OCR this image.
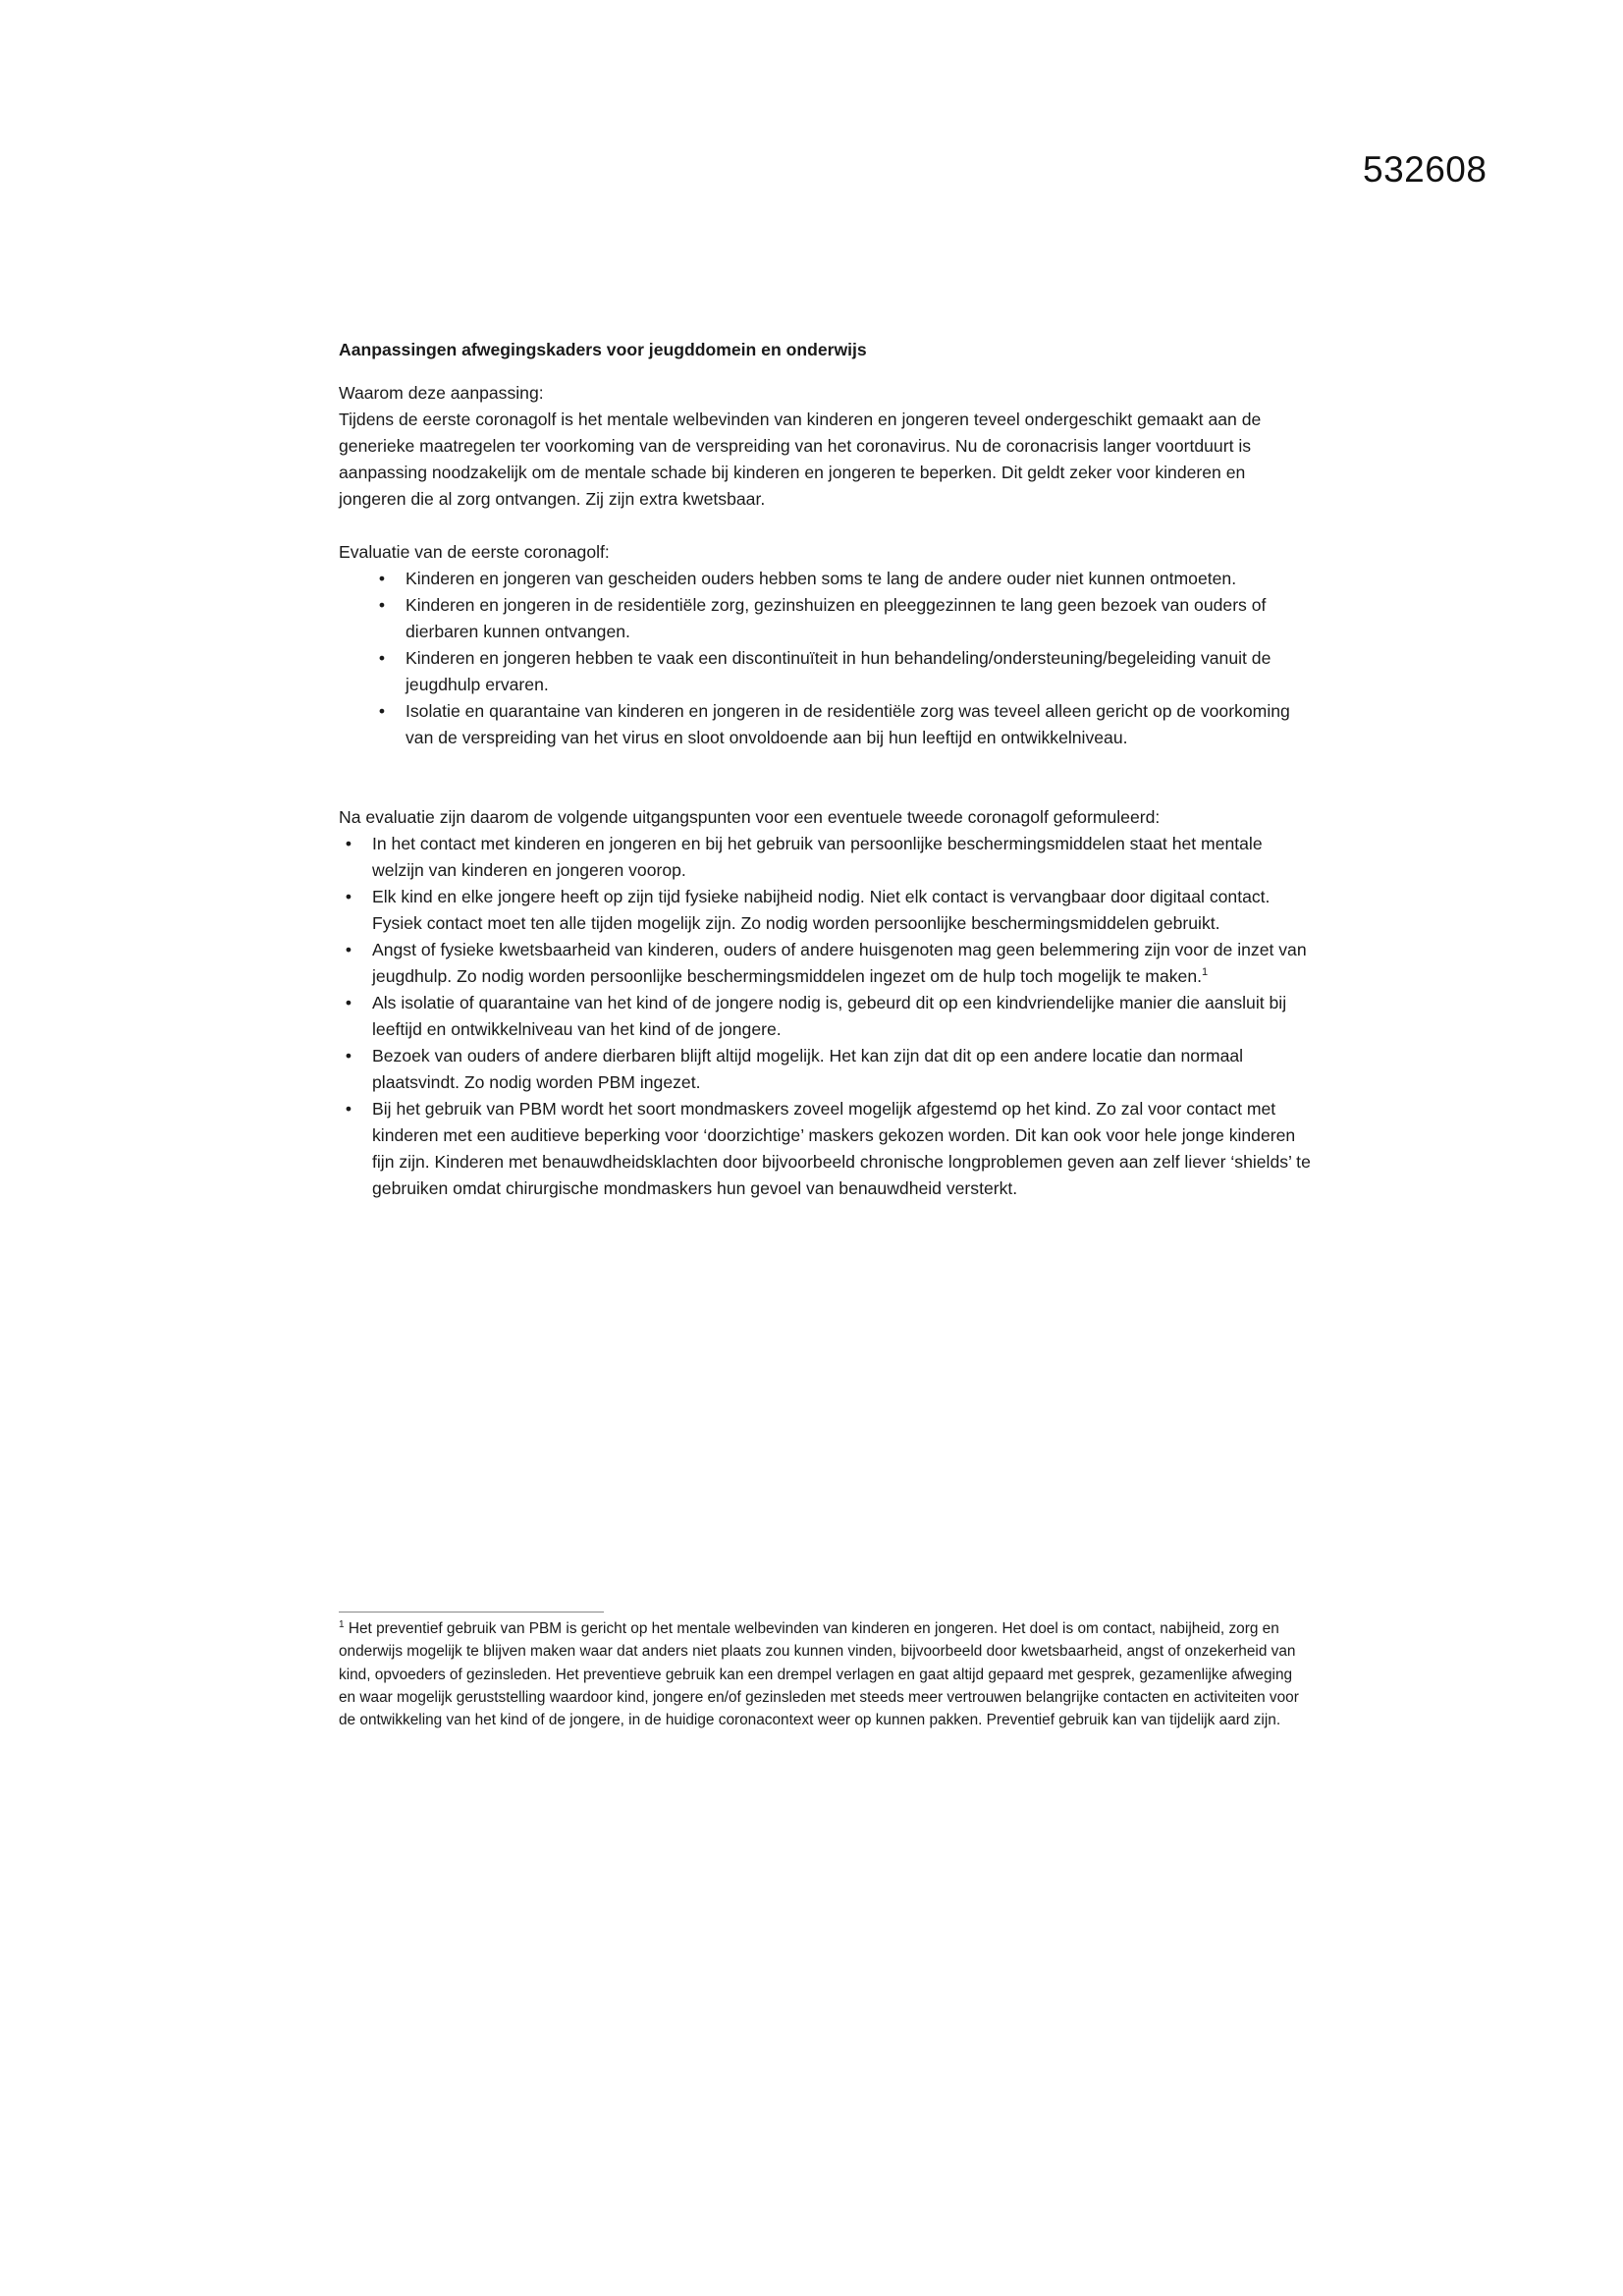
532608

Aanpassingen afwegingskaders voor jeugddomein en onderwijs

Waarom deze aanpassing:

Tijdens de eerste coronagolf is het mentale welbevinden van kinderen en jongeren teveel ondergeschikt gemaakt aan de generieke maatregelen ter voorkoming van de verspreiding van het coronavirus. Nu de coronacrisis langer voortduurt is aanpassing noodzakelijk om de mentale schade bij kinderen en jongeren te beperken. Dit geldt zeker voor kinderen en jongeren die al zorg ontvangen. Zij zijn extra kwetsbaar.

Evaluatie van de eerste coronagolf:

•	Kinderen en jongeren van gescheiden ouders hebben soms te lang de andere ouder niet kunnen ontmoeten.
•	Kinderen en jongeren in de residentiële zorg, gezinshuizen en pleeggezinnen te lang geen bezoek van ouders of dierbaren kunnen ontvangen.
•	Kinderen en jongeren hebben te vaak een discontinuïteit in hun behandeling/ondersteuning/begeleiding vanuit de jeugdhulp ervaren.
•	Isolatie en quarantaine van kinderen en jongeren in de residentiële zorg was teveel alleen gericht op de voorkoming van de verspreiding van het virus en sloot onvoldoende aan bij hun leeftijd en ontwikkelniveau.

Na evaluatie zijn daarom de volgende uitgangspunten voor een eventuele tweede coronagolf geformuleerd:

•	In het contact met kinderen en jongeren en bij het gebruik van persoonlijke beschermingsmiddelen staat het mentale welzijn van kinderen en jongeren voorop.
•	Elk kind en elke jongere heeft op zijn tijd fysieke nabijheid nodig. Niet elk contact is vervangbaar door digitaal contact. Fysiek contact moet ten alle tijden mogelijk zijn. Zo nodig worden persoonlijke beschermingsmiddelen gebruikt.
•	Angst of fysieke kwetsbaarheid van kinderen, ouders of andere huisgenoten mag geen belemmering zijn voor de inzet van jeugdhulp. Zo nodig worden persoonlijke beschermingsmiddelen ingezet om de hulp toch mogelijk te maken.$^1$
•	Als isolatie of quarantaine van het kind of de jongere nodig is, gebeurd dit op een kindvriendelijke manier die aansluit bij leeftijd en ontwikkelniveau van het kind of de jongere.
•	Bezoek van ouders of andere dierbaren blijft altijd mogelijk. Het kan zijn dat dit op een andere locatie dan normaal plaatsvindt. Zo nodig worden PBM ingezet.
•	Bij het gebruik van PBM wordt het soort mondmaskers zoveel mogelijk afgestemd op het kind. Zo zal voor contact met kinderen met een auditieve beperking voor ‘doorzichtige’ maskers gekozen worden. Dit kan ook voor hele jonge kinderen fijn zijn. Kinderen met benauwdheidsklachten door bijvoorbeeld chronische longproblemen geven aan zelf liever ‘shields’ te gebruiken omdat chirurgische mondmaskers hun gevoel van benauwdheid versterkt.
$^1$ Het preventief gebruik van PBM is gericht op het mentale welbevinden van kinderen en jongeren. Het doel is om contact, nabijheid, zorg en onderwijs mogelijk te blijven maken waar dat anders niet plaats zou kunnen vinden, bijvoorbeeld door kwetsbaarheid, angst of onzekerheid van kind, opvoeders of gezinsleden. Het preventieve gebruik kan een drempel verlagen en gaat altijd gepaard met gesprek, gezamenlijke afweging en waar mogelijk geruststelling waardoor kind, jongere en/of gezinsleden met steeds meer vertrouwen belangrijke contacten en activiteiten voor de ontwikkeling van het kind of de jongere, in de huidige coronacontext weer op kunnen pakken. Preventief gebruik kan van tijdelijk aard zijn.
